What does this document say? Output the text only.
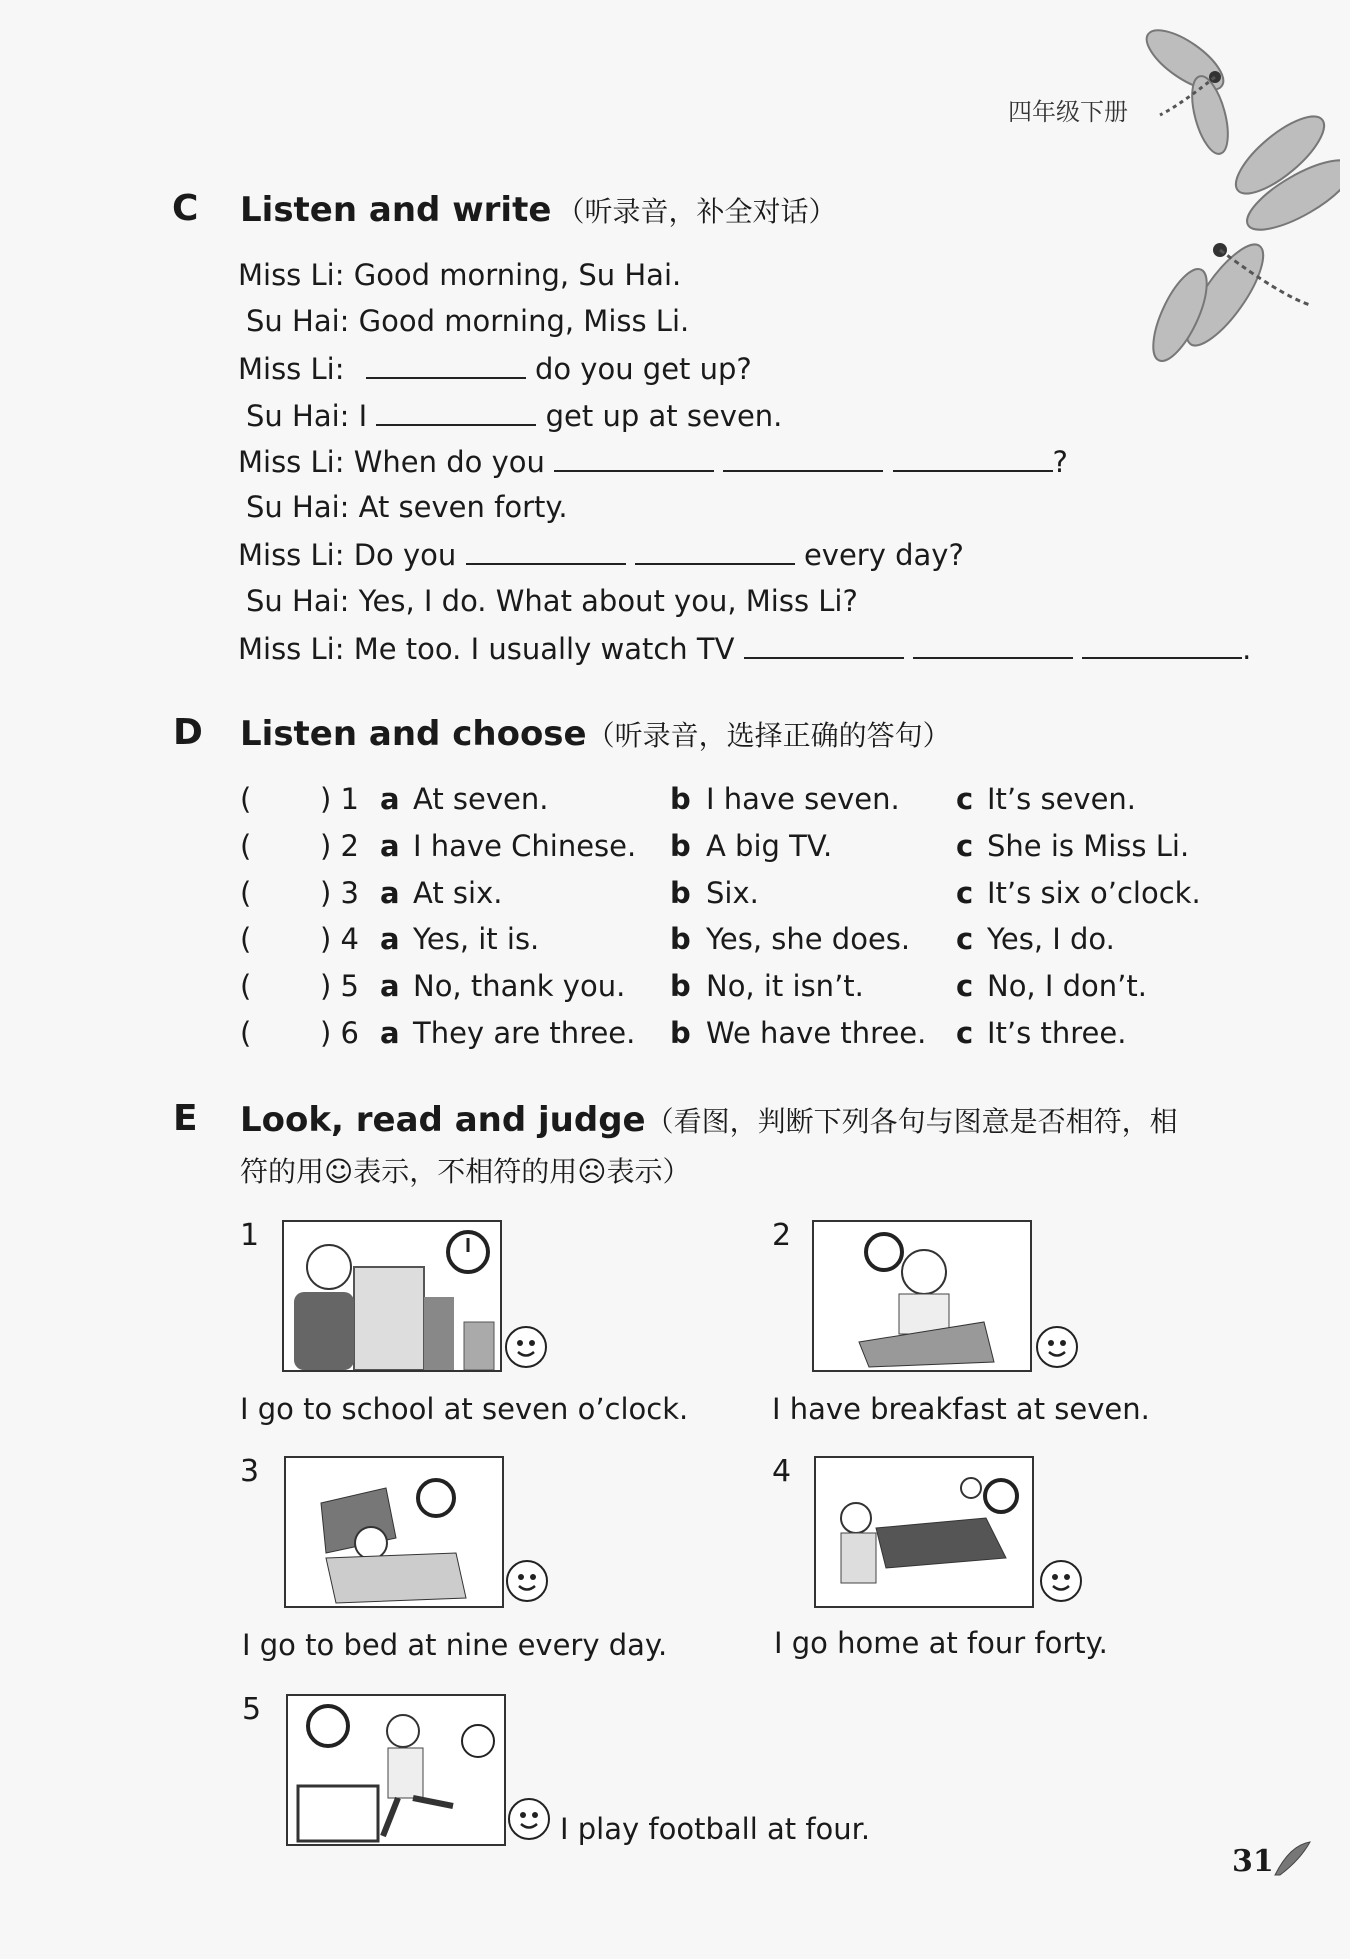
四年级下册
C Listen and write （听录音，补全对话）
Miss Li: Good morning, Su Hai.
Su Hai: Good morning, Miss Li.
Miss Li:	do you get up?
Su Hai: I	get up at seven.
Miss Li: When do you	?
Su Hai: At seven forty.
Miss Li: Do you	every day?
Su Hai: Yes, I do. What about you, Miss Li?
Miss Li: Me too. I usually watch TV	.
D Listen and choose（听录音，选择正确的答句）
( ) 1 a At seven.	b I have seven. c It’s seven.
( ) 2 a I have Chinese. b A big TV.	c She is Miss Li.
( ) 3 a At six.	b Six.	c It’s six o’clock.
( ) 4 a Yes, it is.	b Yes, she does. c Yes, I do.
( ) 5 a No, thank you. b No, it isn’t.	c No, I don’t.
( ) 6 a They are three. b We have three. c It’s three.
E Look, read and judge（看图，判断下列各句与图意是否相符，相
符的用☺表示，不相符的用☹表示）
1
I go to school at seven o’clock.
2
I have breakfast at seven.
3
I go to bed at nine every day.
4
I go home at four forty.
5
I play football at four.
31
